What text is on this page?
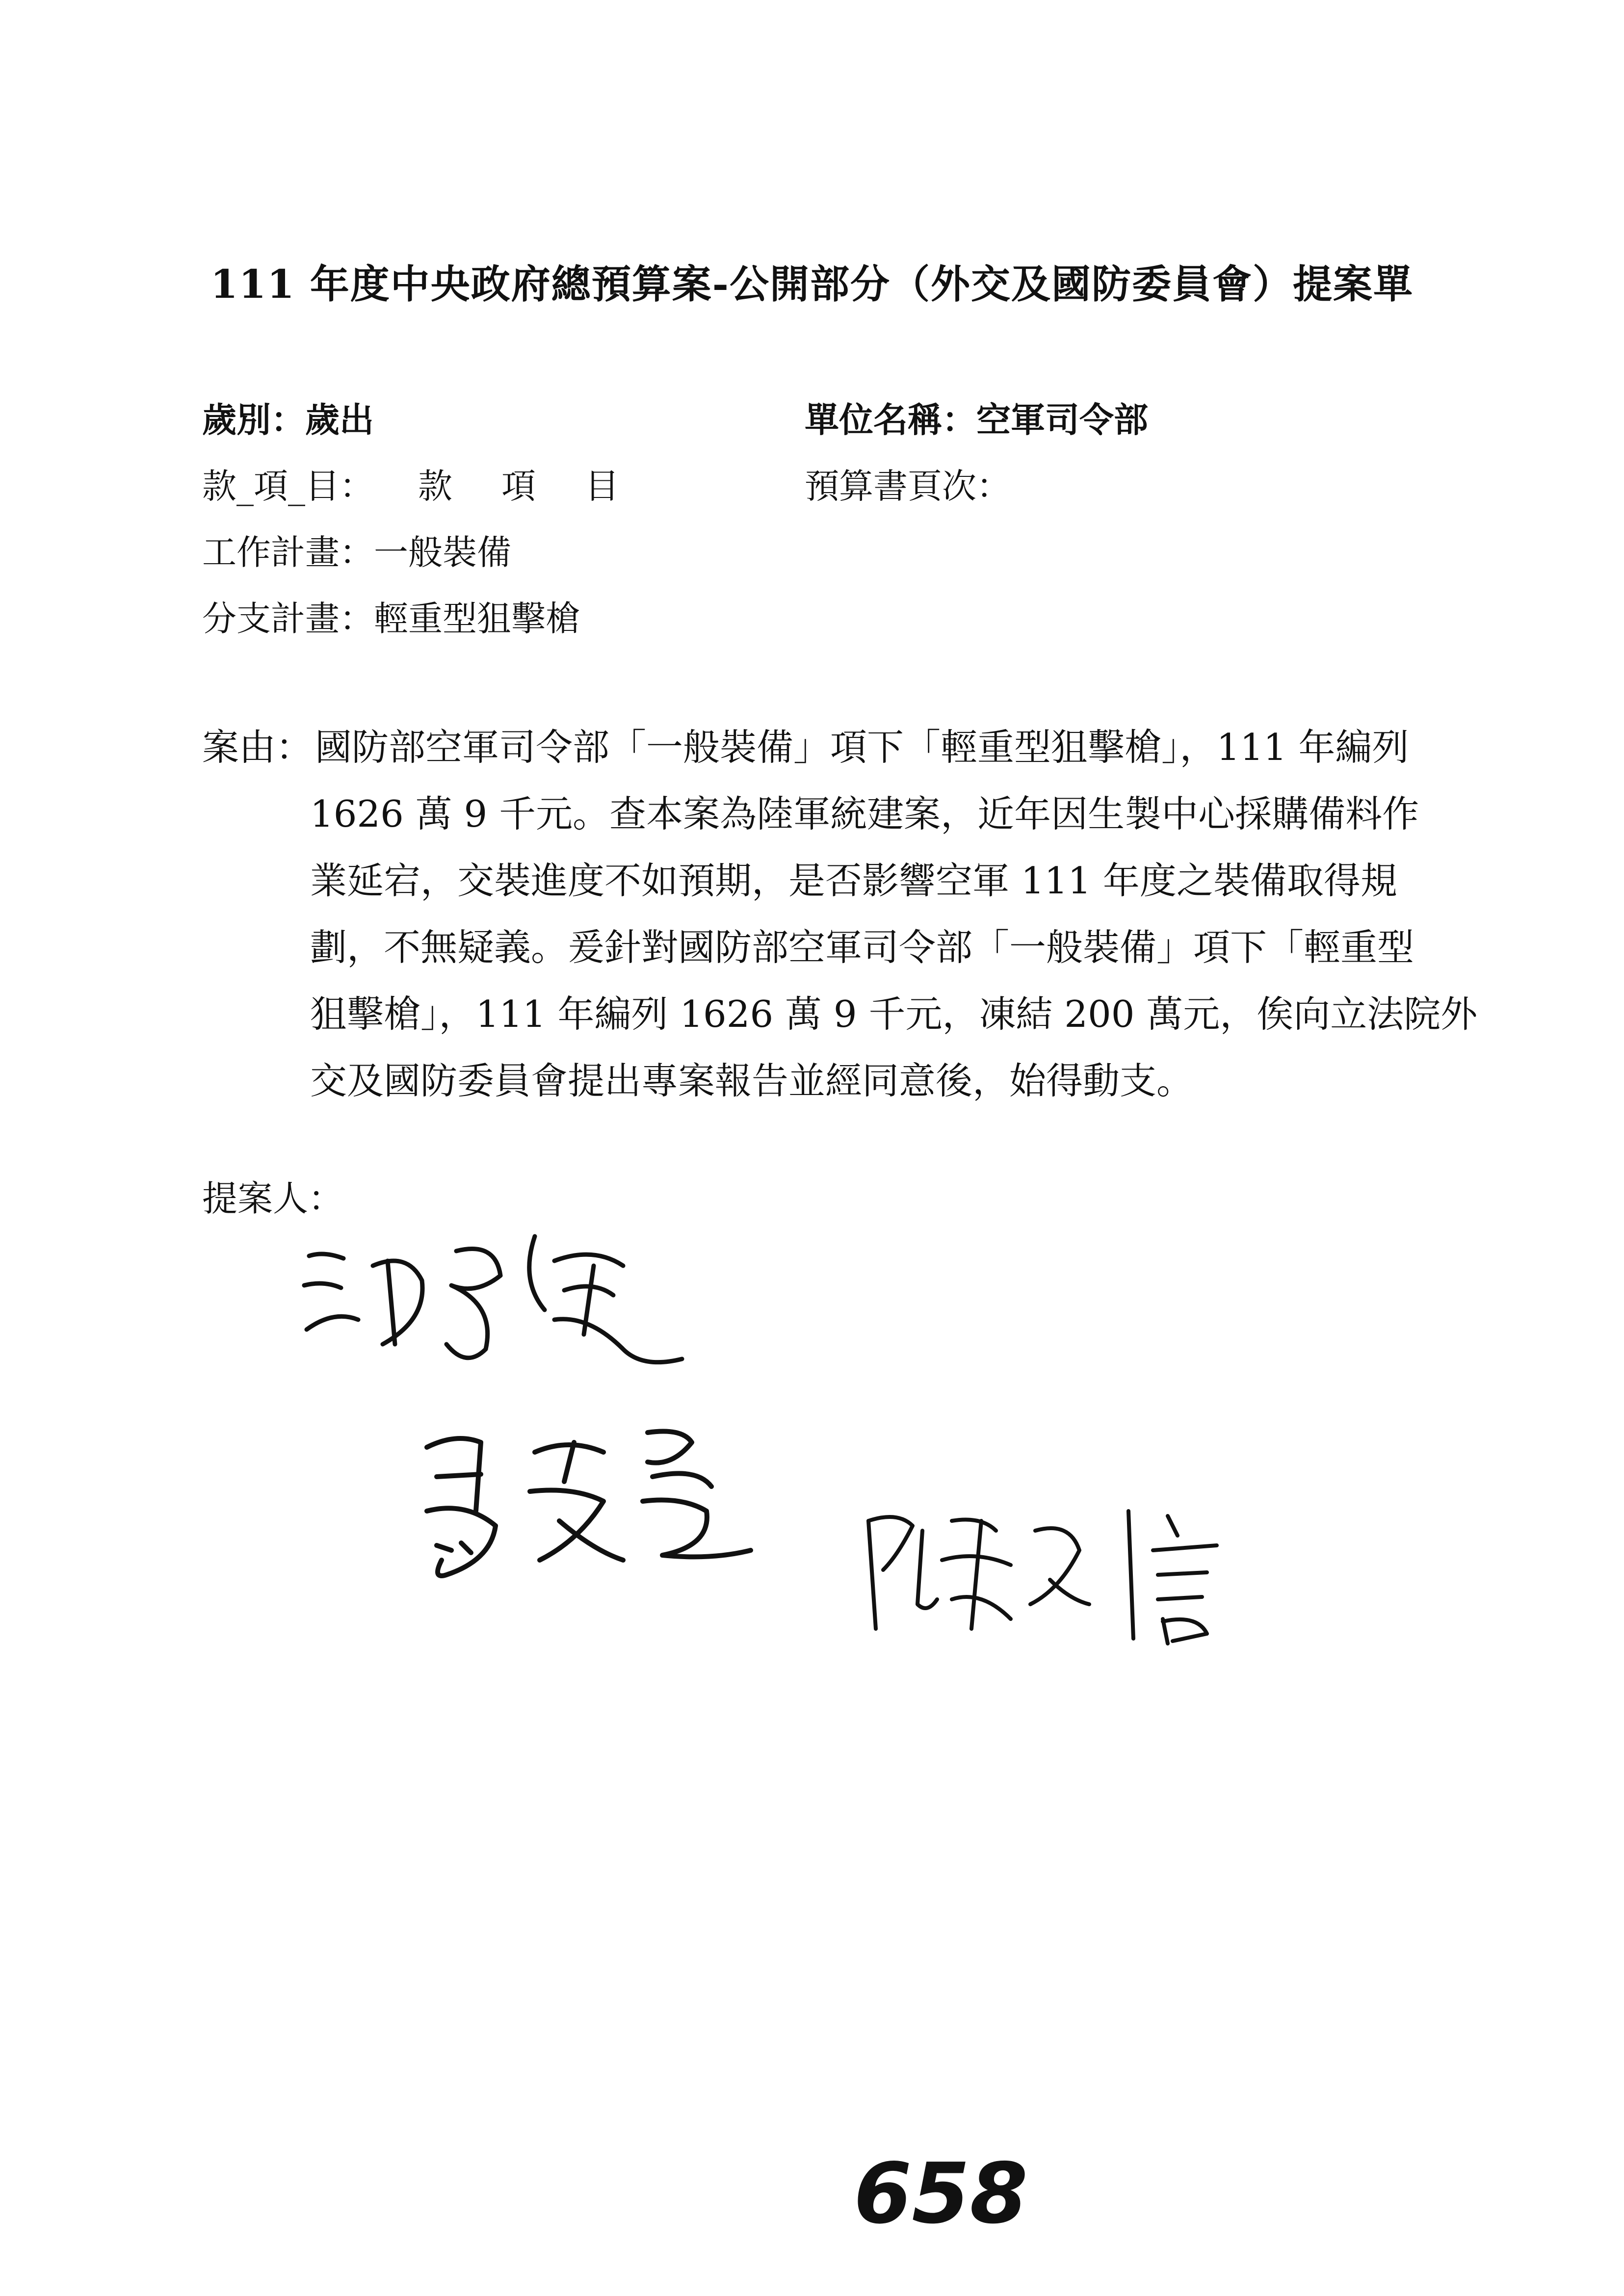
111 年度中央政府總預算案-公開部分（外交及國防委員會）提案單
歲別：歲出	單位名稱：空軍司令部
款_項_目： 款 項 目	預算書頁次：
工作計畫：一般裝備
分支計畫：輕重型狙擊槍
案由： 國防部空軍司令部「一般裝備」項下「輕重型狙擊槍」，111 年編列
1626 萬 9 千元。查本案為陸軍統建案，近年因生製中心採購備料作
業延宕，交裝進度不如預期，是否影響空軍 111 年度之裝備取得規
劃，不無疑義。爰針對國防部空軍司令部「一般裝備」項下「輕重型
狙擊槍」，111 年編列 1626 萬 9 千元，凍結 200 萬元，俟向立法院外
交及國防委員會提出專案報告並經同意後，始得動支。
提案人：
658
